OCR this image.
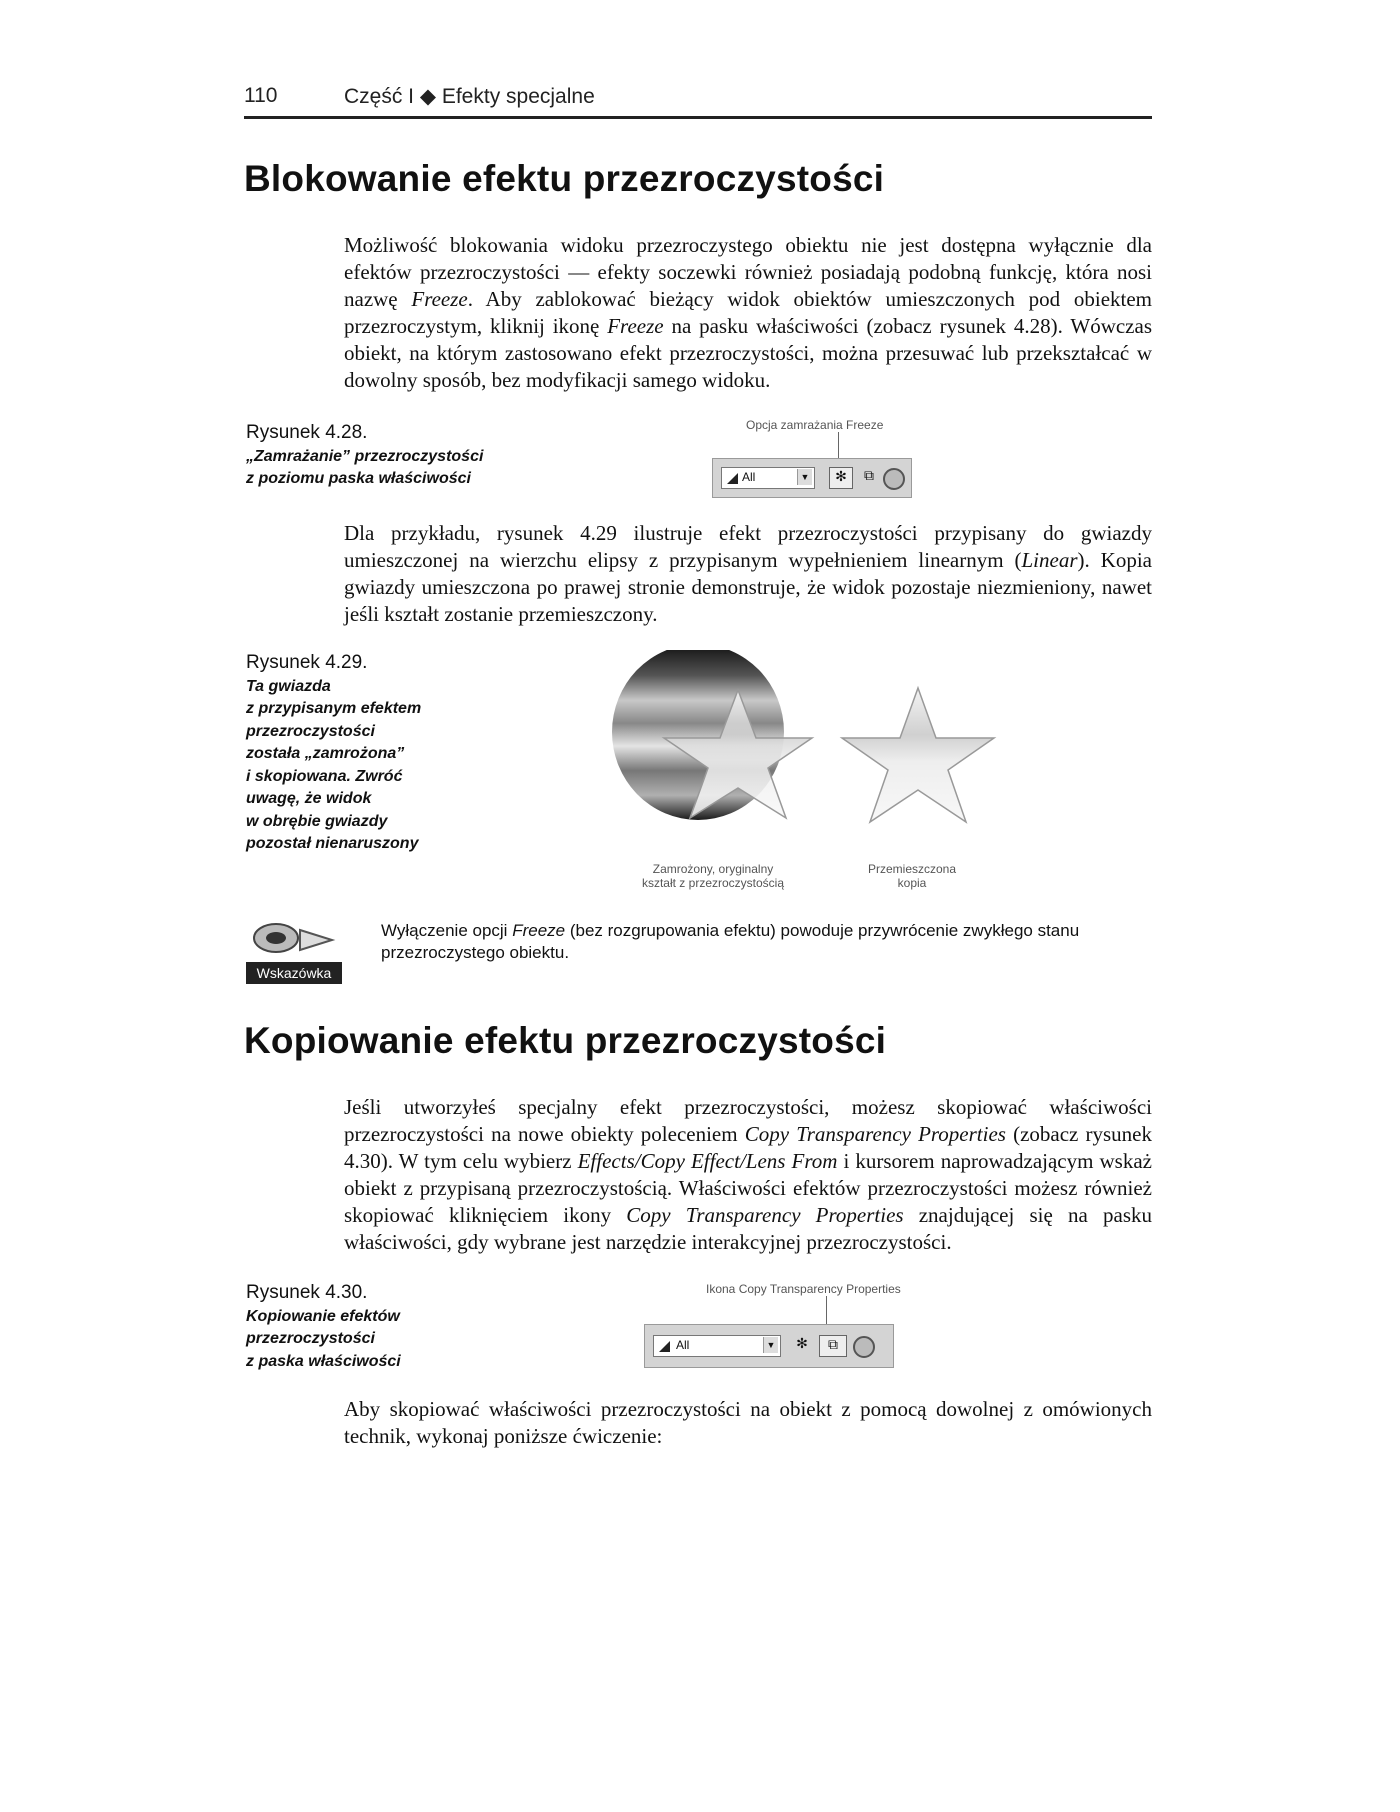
110	Część I ◆ Efekty specjalne
Blokowanie efektu przezroczystości

Możliwość blokowania widoku przezroczystego obiektu nie jest dostępna wyłącznie dla efektów przezroczystości — efekty soczewki również posiadają podobną funkcję, która nosi nazwę Freeze. Aby zablokować bieżący widok obiektów umieszczonych pod obiektem przezroczystym, kliknij ikonę Freeze na pasku właściwości (zobacz rysunek 4.28). Wówczas obiekt, na którym zastosowano efekt przezroczystości, można przesuwać lub przekształcać w dowolny sposób, bez modyfikacji samego widoku.

Rysunek 4.28.
„Zamrażanie” przezroczystości
z poziomu paska właściwości
Opcja zamrażania Freeze
All	▼	✻	⧉

Dla przykładu, rysunek 4.29 ilustruje efekt przezroczystości przypisany do gwiazdy umieszczonej na wierzchu elipsy z przypisanym wypełnieniem linearnym (Linear). Kopia gwiazdy umieszczona po prawej stronie demonstruje, że widok pozostaje niezmieniony, nawet jeśli kształt zostanie przemieszczony.

Rysunek 4.29.
Ta gwiazda
z przypisanym efektem
przezroczystości
została „zamrożona”
i skopiowana. Zwróć
uwagę, że widok
w obrębie gwiazdy
pozostał nienaruszony
Zamrożony, oryginalny
kształt z przezroczystością
Przemieszczona
kopia
Wskazówka
Wyłączenie opcji Freeze (bez rozgrupowania efektu) powoduje przywrócenie zwykłego stanu przezroczystego obiektu.
Kopiowanie efektu przezroczystości

Jeśli utworzyłeś specjalny efekt przezroczystości, możesz skopiować właściwości przezroczystości na nowe obiekty poleceniem Copy Transparency Properties (zobacz rysunek 4.30). W tym celu wybierz Effects/Copy Effect/Lens From i kursorem naprowadzającym wskaż obiekt z przypisaną przezroczystością. Właściwości efektów przezroczystości możesz również skopiować kliknięciem ikony Copy Transparency Properties znajdującej się na pasku właściwości, gdy wybrane jest narzędzie interakcyjnej przezroczystości.

Rysunek 4.30.
Kopiowanie efektów
przezroczystości
z paska właściwości
Ikona Copy Transparency Properties
All	▼	✻	⧉

Aby skopiować właściwości przezroczystości na obiekt z pomocą dowolnej z omówionych technik, wykonaj poniższe ćwiczenie:
